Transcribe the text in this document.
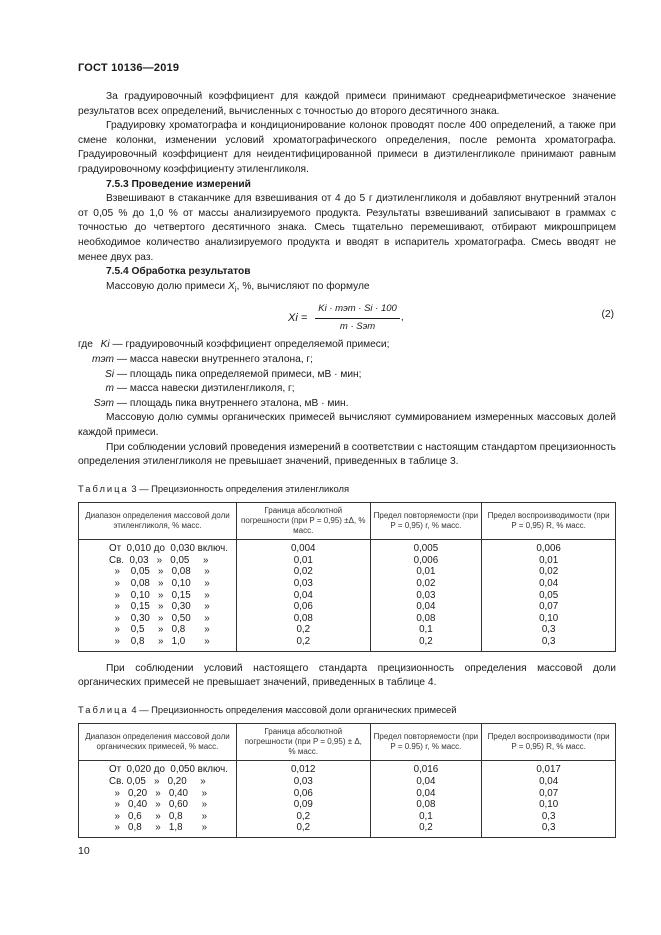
ГОСТ 10136—2019

За градуировочный коэффициент для каждой примеси принимают среднеарифметическое значение результатов всех определений, вычисленных с точностью до второго десятичного знака.

Градуировку хроматографа и кондиционирование колонок проводят после 400 определений, а также при смене колонки, изменении условий хроматографического определения, после ремонта хроматографа. Градуировочный коэффициент для неидентифицированной примеси в диэтиленгликоле принимают равным градуировочному коэффициенту этиленгликоля.

7.5.3 Проведение измерений

Взвешивают в стаканчике для взвешивания от 4 до 5 г диэтиленгликоля и добавляют внутренний эталон от 0,05 % до 1,0 % от массы анализируемого продукта. Результаты взвешиваний записывают в граммах с точностью до четвертого десятичного знака. Смесь тщательно перемешивают, отбирают микрошприцем необходимое количество анализируемого продукта и вводят в испаритель хроматографа. Смесь вводят не менее двух раз.

7.5.4 Обработка результатов

Массовую долю примеси $X_i$, %, вычисляют по формуле

$Xi = \frac{\text{Ki · mэт · Si · 100}}{\text{m · Sэт}}$ ,	(2)

где Ki — градуировочный коэффициент определяемой примеси;

mэт — масса навески внутреннего эталона, г;

Si — площадь пика определяемой примеси, мВ · мин;

m — масса навески диэтиленгликоля, г;

Sэт — площадь пика внутреннего эталона, мВ · мин.

Массовую долю суммы органических примесей вычисляют суммированием измеренных массовых долей каждой примеси.

При соблюдении условий проведения измерений в соответствии с настоящим стандартом прецизионность определения этиленгликоля не превышает значений, приведенных в таблице 3.

Таблица 3 — Прецизионность определения этиленгликоля
Диапазон определения массовой доли этиленгликоля, % масс.	Граница абсолютной погрешности (при P = 0,95) ±Δ, % масс.	Предел повторяемости (при P = 0,95) r, % масс.	Предел воспроизводимости (при P = 0,95) R, % масс.
От  0,010 до  0,030 включ.	0,004	0,005	0,006
Св.  0,03   »   0,05     »	0,01	0,006	0,01
»    0,05   »   0,08     »	0,02	0,01	0,02
»    0,08   »   0,10     »	0,03	0,02	0,04
»    0,10   »   0,15     »	0,04	0,03	0,05
»    0,15   »   0,30     »	0,06	0,04	0,07
»    0,30   »   0,50     »	0,08	0,08	0,10
»    0,5     »   0,8       »	0,2	0,1	0,3
»    0,8     »   1,0       »	0,2	0,2	0,3

При соблюдении условий настоящего стандарта прецизионность определения массовой доли органических примесей не превышает значений, приведенных в таблице 4.

Таблица 4 — Прецизионность определения массовой доли органических примесей
Диапазон определения массовой доли органических примесей, % масс.	Граница абсолютной погрешности (при P = 0,95) ± Δ, % масс.	Предел повторяемости (при P = 0.95) r, % масс.	Предел воспроизводимости (при P = 0,95) R, % масс.
От  0,020 до  0,050 включ.	0,012	0,016	0,017
Св. 0,05   »   0,20     »	0,03	0,04	0,04
»   0,20   »   0,40     »	0,06	0,04	0,07
»   0,40   »   0,60     »	0,09	0,08	0,10
»   0,6     »   0,8       »	0,2	0,1	0,3
»   0,8     »   1,8       »	0,2	0,2	0,3
10
